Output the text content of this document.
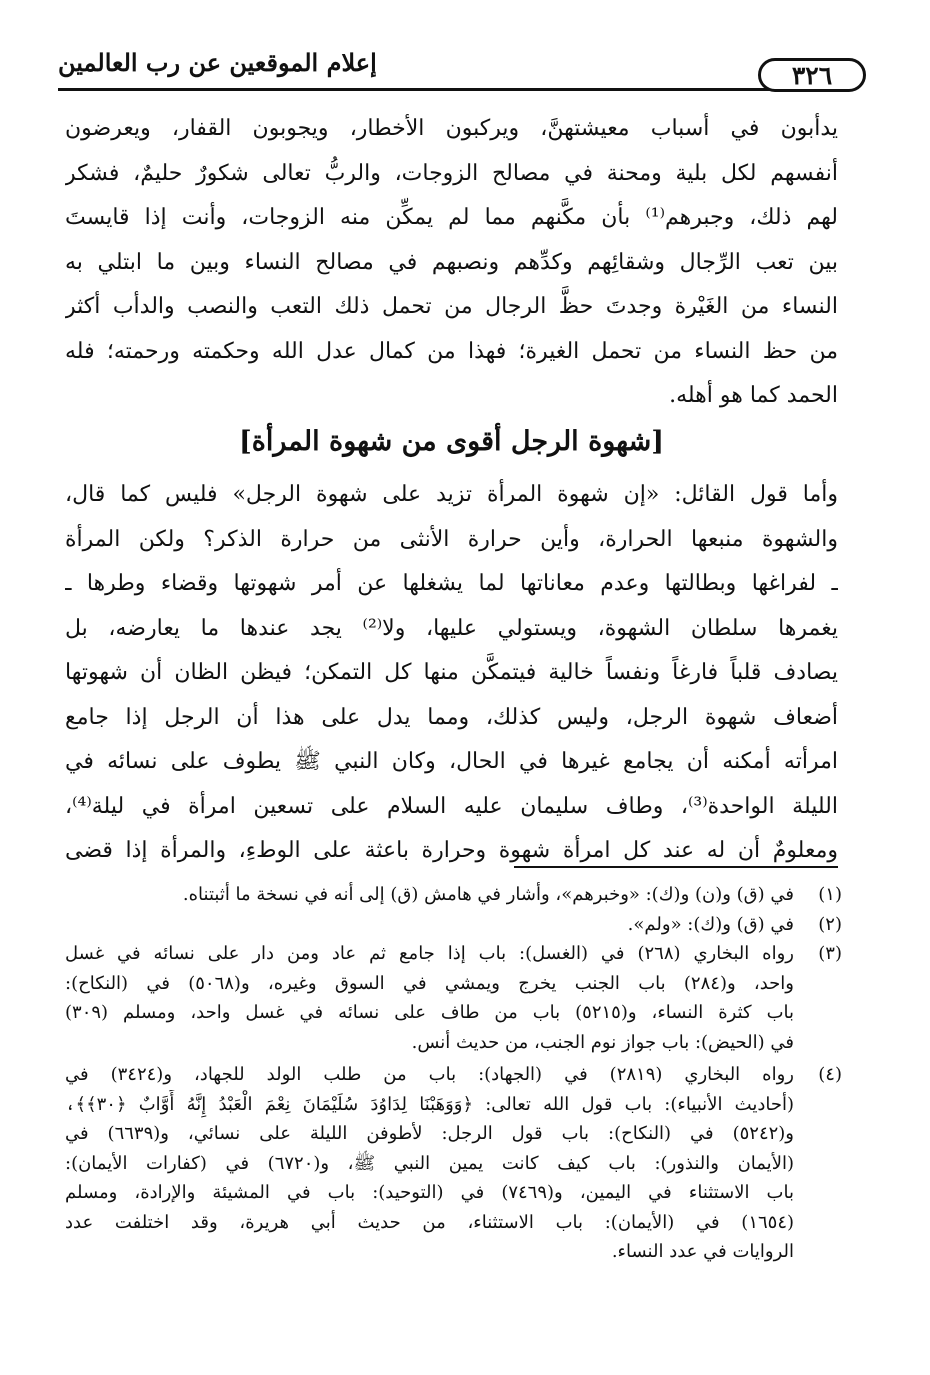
إعلام الموقعين عن رب العالمين	٣٢٦
يدأبون في أسباب معيشتهنَّ، ويركبون الأخطار، ويجوبون القفار، ويعرضون
أنفسهم لكل بلية ومحنة في مصالح الزوجات، والربُّ تعالى شكورٌ حليمٌ، فشكر
لهم ذلك، وجبرهم⁽¹⁾ بأن مكَّنهم مما لم يمكِّن منه الزوجات، وأنت إذا قايستَ
بين تعب الرِّجال وشقائِهم وكدِّهم ونصبهم في مصالح النساء وبين ما ابتلي به
النساء من الغَيْرة وجدتَ حظَّ الرجال من تحمل ذلك التعب والنصب والدأب أكثر
من حظ النساء من تحمل الغيرة؛ فهذا من كمال عدل الله وحكمته ورحمته؛ فله
الحمد كما هو أهله.
[شهوة الرجل أقوى من شهوة المرأة]
وأما قول القائل: «إن شهوة المرأة تزيد على شهوة الرجل» فليس كما قال،
والشهوة منبعها الحرارة، وأين حرارة الأنثى من حرارة الذكر؟ ولكن المرأة
ـ لفراغها وبطالتها وعدم معاناتها لما يشغلها عن أمر شهوتها وقضاء وطرها ـ
يغمرها سلطان الشهوة، ويستولي عليها، ولا⁽²⁾ يجد عندها ما يعارضه، بل
يصادف قلباً فارغاً ونفساً خالية فيتمكَّن منها كل التمكن؛ فيظن الظان أن شهوتها
أضعاف شهوة الرجل، وليس كذلك، ومما يدل على هذا أن الرجل إذا جامع
امرأته أمكنه أن يجامع غيرها في الحال، وكان النبي ﷺ يطوف على نسائه في
الليلة الواحدة⁽³⁾، وطاف سليمان عليه السلام على تسعين امرأة في ليلة⁽⁴⁾،
ومعلومٌ أن له عند كل امرأة شهوة وحرارة باعثة على الوطءِ، والمرأة إذا قضى
(١)
في (ق) و(ن) و(ك): «وخبرهم»، وأشار في هامش (ق) إلى أنه في نسخة ما أثبتناه.
(٢)
في (ق) و(ك): «ولم».
(٣)
رواه البخاري (٢٦٨) في (الغسل): باب إذا جامع ثم عاد ومن دار على نسائه في غسل
واحد، و(٢٨٤) باب الجنب يخرج ويمشي في السوق وغيره، و(٥٠٦٨) في (النكاح):
باب كثرة النساء، و(٥٢١٥) باب من طاف على نسائه في غسل واحد، ومسلم (٣٠٩)
في (الحيض): باب جواز نوم الجنب، من حديث أنس.
(٤)
رواه البخاري (٢٨١٩) في (الجهاد): باب من طلب الولد للجهاد، و(٣٤٢٤) في
(أحاديث الأنبياء): باب قول الله تعالى: ﴿وَوَهَبْنَا لِدَاوُدَ سُلَيْمَانَ نِعْمَ الْعَبْدُ إِنَّهُ أَوَّابٌ ﴿٣٠﴾﴾،
و(٥٢٤٢) في (النكاح): باب قول الرجل: لأطوفن الليلة على نسائي، و(٦٦٣٩) في
(الأيمان والنذور): باب كيف كانت يمين النبي ﷺ، و(٦٧٢٠) في (كفارات الأيمان):
باب الاستثناء في اليمين، و(٧٤٦٩) في (التوحيد): باب في المشيئة والإرادة، ومسلم
(١٦٥٤) في (الأيمان): باب الاستثناء، من حديث أبي هريرة، وقد اختلفت عدد
الروايات في عدد النساء.
